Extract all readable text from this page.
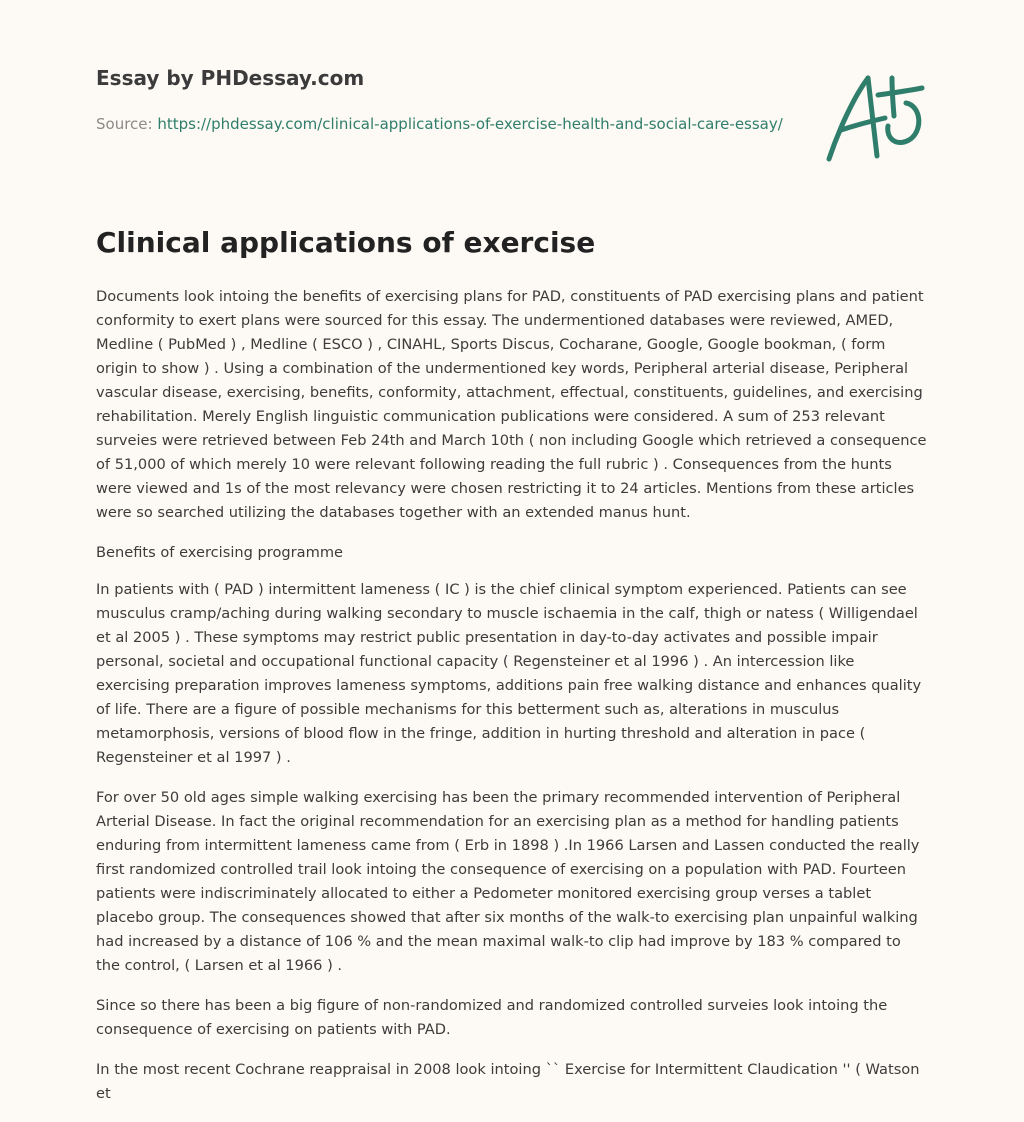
Essay by PHDessay.com
Source: https://phdessay.com/clinical-applications-of-exercise-health-and-social-care-essay/
Clinical applications of exercise

Documents look intoing the benefits of exercising plans for PAD, constituents of PAD exercising plans and patient conformity to exert plans were sourced for this essay. The undermentioned databases were reviewed, AMED, Medline ( PubMed ) , Medline ( ESCO ) , CINAHL, Sports Discus, Cocharane, Google, Google bookman, ( form origin to show ) . Using a combination of the undermentioned key words, Peripheral arterial disease, Peripheral vascular disease, exercising, benefits, conformity, attachment, effectual, constituents, guidelines, and exercising rehabilitation. Merely English linguistic communication publications were considered. A sum of 253 relevant surveies were retrieved between Feb 24th and March 10th ( non including Google which retrieved a consequence of 51,000 of which merely 10 were relevant following reading the full rubric ) . Consequences from the hunts were viewed and 1s of the most relevancy were chosen restricting it to 24 articles. Mentions from these articles were so searched utilizing the databases together with an extended manus hunt.

Benefits of exercising programme

In patients with ( PAD ) intermittent lameness ( IC ) is the chief clinical symptom experienced. Patients can see musculus cramp/aching during walking secondary to muscle ischaemia in the calf, thigh or natess ( Willigendael et al 2005 ) . These symptoms may restrict public presentation in day-to-day activates and possible impair personal, societal and occupational functional capacity ( Regensteiner et al 1996 ) . An intercession like exercising preparation improves lameness symptoms, additions pain free walking distance and enhances quality of life. There are a figure of possible mechanisms for this betterment such as, alterations in musculus metamorphosis, versions of blood flow in the fringe, addition in hurting threshold and alteration in pace ( Regensteiner et al 1997 ) .

For over 50 old ages simple walking exercising has been the primary recommended intervention of Peripheral Arterial Disease. In fact the original recommendation for an exercising plan as a method for handling patients enduring from intermittent lameness came from ( Erb in 1898 ) .In 1966 Larsen and Lassen conducted the really first randomized controlled trail look intoing the consequence of exercising on a population with PAD. Fourteen patients were indiscriminately allocated to either a Pedometer monitored exercising group verses a tablet placebo group. The consequences showed that after six months of the walk-to exercising plan unpainful walking had increased by a distance of 106 % and the mean maximal walk-to clip had improve by 183 % compared to the control, ( Larsen et al 1966 ) .

Since so there has been a big figure of non-randomized and randomized controlled surveies look intoing the consequence of exercising on patients with PAD.

In the most recent Cochrane reappraisal in 2008 look intoing `` Exercise for Intermittent Claudication '' ( Watson et
